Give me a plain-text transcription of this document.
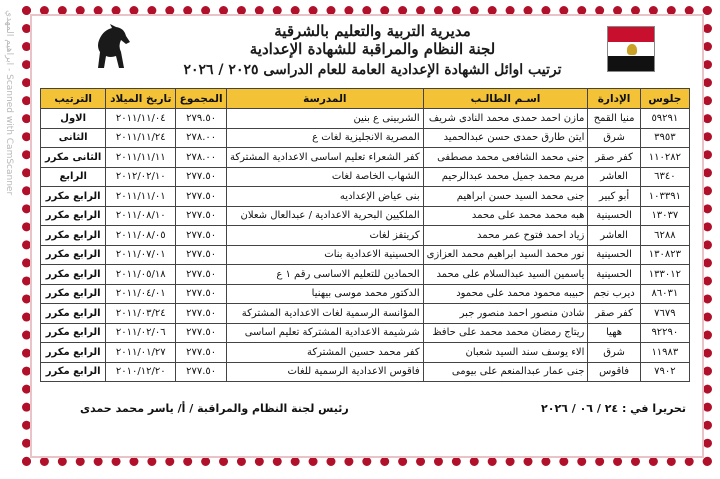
ابراهيم المهدي - Scanned with CamScanner
مديرية التربية والتعليم بالشرقية
لجنة النظام والمراقبة للشهادة الإعدادية
ترتيب اوائل الشهادة الإعدادية العامة للعام الدراسى ٢٠٢٥ / ٢٠٢٦
جلوس	الإدارة	اسـم الطالـب	المدرسة	المجموع	تاريخ الميلاد	الترتيب
٥٩٢٩١	منيا القمح	مازن احمد حمدى محمد النادى شريف	الشربينى ع بنين	٢٧٩.٥٠	٢٠١١/١١/٠٤	الاول
٣٩٥٣	شرق	ايتن طارق حمدى حسن عبدالحميد	المصرية الانجليزية لغات ع	٢٧٨.٠٠	٢٠١١/١١/٢٤	الثانى
١١٠٢٨٢	كفر صقر	جنى محمد الشافعى محمد مصطفى	كفر الشعراء تعليم اساسى الاعدادية المشتركة	٢٧٨.٠٠	٢٠١١/١١/١١	الثانى مكرر
٦٣٤٠	العاشر	مريم محمد جميل محمد عبدالرحيم	الشهاب الخاصة لغات	٢٧٧.٥٠	٢٠١٢/٠٢/١٠	الرابع
١٠٣٣٩١	أبو كبير	جنى محمد السيد حسن ابراهيم	بنى عياض الإعداديه	٢٧٧.٥٠	٢٠١١/١١/٠١	الرابع مكرر
١٣٠٣٧	الحسينية	هبه محمد محمد على محمد	الملكيين البحرية الاعدادية / عبدالعال شعلان	٢٧٧.٥٠	٢٠١١/٠٨/١٠	الرابع مكرر
٦٢٨٨	العاشر	زياد احمد فتوح عمر محمد	كريتفز لغات	٢٧٧.٥٠	٢٠١١/٠٨/٠٥	الرابع مكرر
١٣٠٨٢٣	الحسينية	نور محمد السيد ابراهيم محمد العزازى	الحسينية الاعدادية بنات	٢٧٧.٥٠	٢٠١١/٠٧/٠١	الرابع مكرر
١٣٣٠١٢	الحسينية	ياسمين السيد عبدالسلام على محمد	الحمادين للتعليم الاساسى رقم ١ ع	٢٧٧.٥٠	٢٠١١/٠٥/١٨	الرابع مكرر
٨٦٠٣١	ديرب نجم	حبيبه محمود محمد على محمود	الدكتور محمد موسى بيهنيا	٢٧٧.٥٠	٢٠١١/٠٤/٠١	الرابع مكرر
٧٦٧٩	كفر صقر	شادن منصور احمد منصور جبر	المؤانسة الرسمية لغات الاعدادية المشتركة	٢٧٧.٥٠	٢٠١١/٠٣/٢٤	الرابع مكرر
٩٢٢٩٠	ههيا	ريتاج رمضان محمد محمد على حافظ	شرشيمة الاعدادية المشتركة تعليم اساسى	٢٧٧.٥٠	٢٠١١/٠٢/٠٦	الرابع مكرر
١١٩٨٣	شرق	الاء يوسف سند السيد شعبان	كفر محمد حسين المشتركة	٢٧٧.٥٠	٢٠١١/٠١/٢٧	الرابع مكرر
٧٩٠٢	فاقوس	جنى عمار عبدالمنعم على بيومى	فاقوس الاعدادية الرسمية للغات	٢٧٧.٥٠	٢٠١٠/١٢/٢٠	الرابع مكرر
تحريرا في : ٢٤ / ٠٦ / ٢٠٢٦
رئيس لجنة النظام والمراقبة / أ/ ياسر محمد حمدى
